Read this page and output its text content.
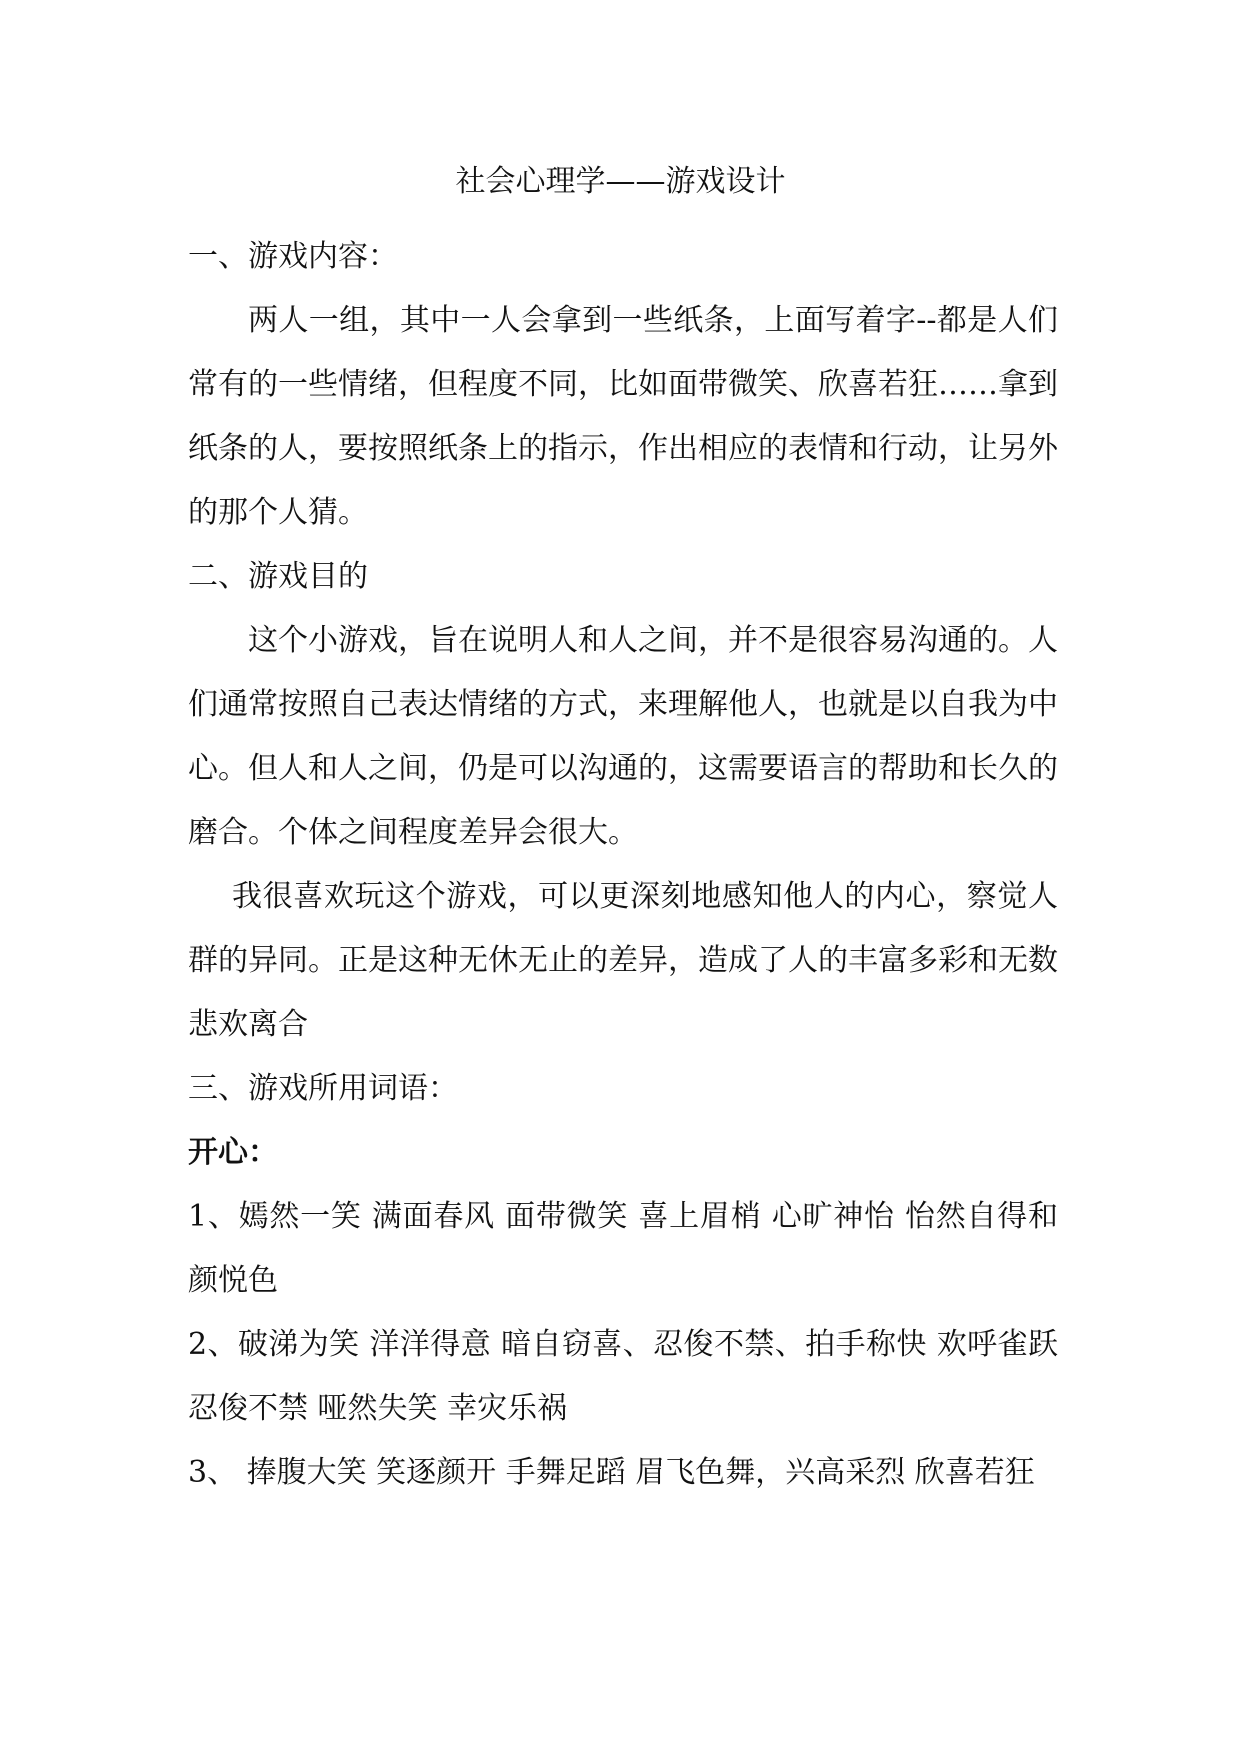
社会心理学——游戏设计

一、游戏内容：

两人一组，其中一人会拿到一些纸条，上面写着字--都是人们常有的一些情绪，但程度不同，比如面带微笑、欣喜若狂……拿到纸条的人，要按照纸条上的指示，作出相应的表情和行动，让另外的那个人猜。

二、游戏目的

这个小游戏，旨在说明人和人之间，并不是很容易沟通的。人们通常按照自己表达情绪的方式，来理解他人，也就是以自我为中心。但人和人之间，仍是可以沟通的，这需要语言的帮助和长久的磨合。个体之间程度差异会很大。

我很喜欢玩这个游戏，可以更深刻地感知他人的内心，察觉人群的异同。正是这种无休无止的差异，造成了人的丰富多彩和无数悲欢离合

三、游戏所用词语：

开心：

1、嫣然一笑 满面春风 面带微笑 喜上眉梢 心旷神怡 怡然自得和颜悦色

2、破涕为笑 洋洋得意 暗自窃喜、忍俊不禁、拍手称快 欢呼雀跃 忍俊不禁 哑然失笑 幸灾乐祸

3、 捧腹大笑 笑逐颜开 手舞足蹈 眉飞色舞，兴高采烈 欣喜若狂
